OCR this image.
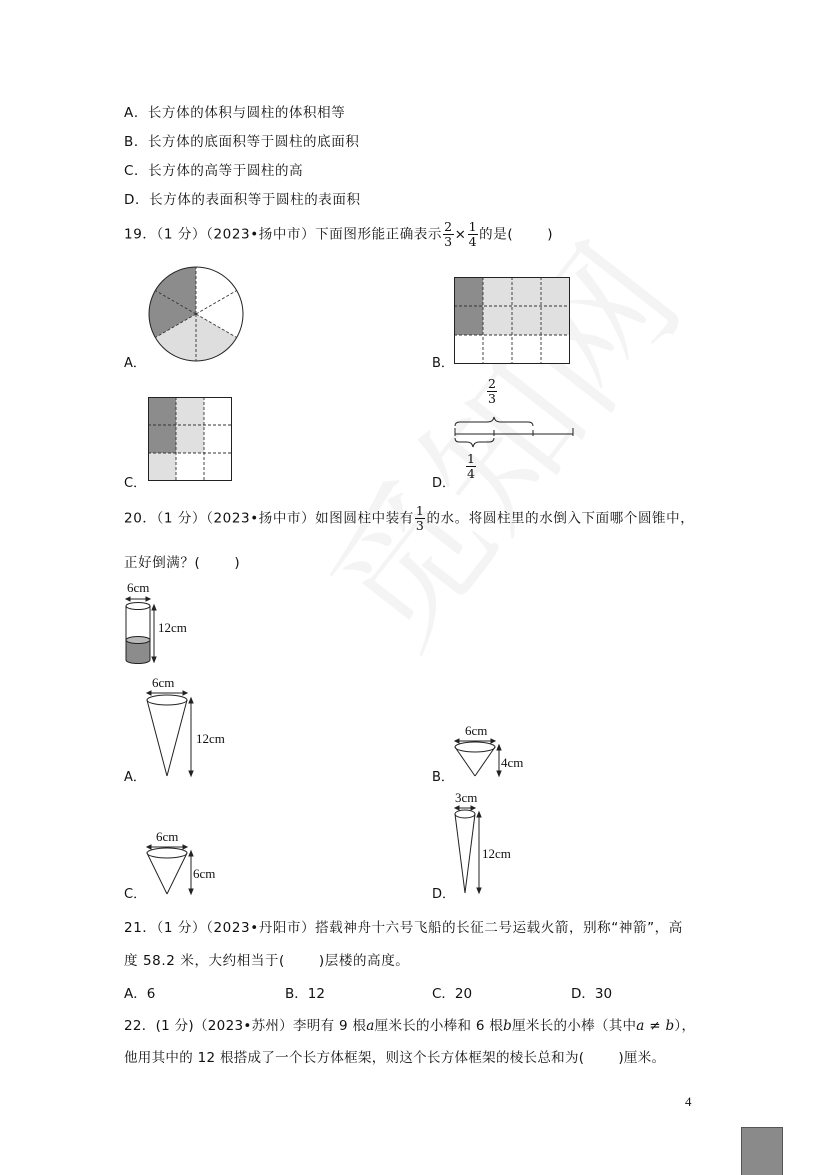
A．长方体的体积与圆柱的体积相等
B．长方体的底面积等于圆柱的底面积
C．长方体的高等于圆柱的高
D．长方体的表面积等于圆柱的表面积
19．（1 分）（2023•扬中市）下面图形能正确表示 $\frac{2}{3} \times \frac{1}{4}$ 的是(	)
A．	B．
C．
$\frac{2}{3}$
$\frac{1}{4}$
D．
20．（1 分）（2023•扬中市）如图圆柱中装有 $\frac{1}{3}$ 的水。将圆柱里的水倒入下面哪个圆锥中，
正好倒满？(	)
6cm
12cm
6cm
12cm
A．
6cm
4cm
B．
6cm
6cm
C．
3cm
12cm
D．
21．（1 分）（2023•丹阳市）搭载神舟十六号飞船的长征二号运载火箭，别称“神箭”，高
度 58.2 米，大约相当于(	)层楼的高度。
A．6	B．12	C．20	D．30
22．(1 分)（2023•苏州）李明有 9 根a厘米长的小棒和 6 根b厘米长的小棒（其中a ≠ b），
他用其中的 12 根搭成了一个长方体框架，则这个长方体框架的棱长总和为(	)厘米。
4
